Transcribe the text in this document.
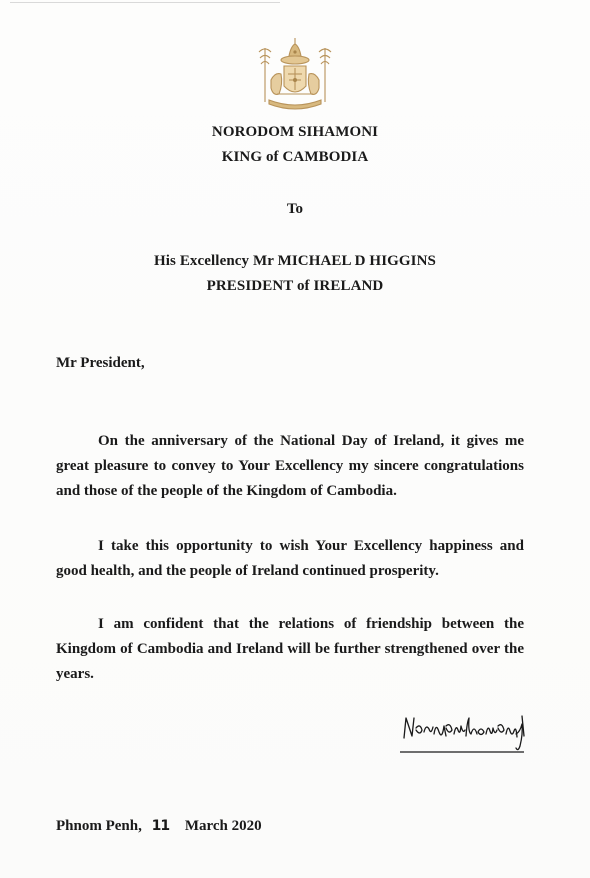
NORODOM SIHAMONI
KING of CAMBODIA
To
His Excellency Mr MICHAEL D HIGGINS
PRESIDENT of IRELAND
Mr President,
On the anniversary of the National Day of Ireland, it gives me great pleasure to convey to Your Excellency my sincere congratulations and those of the people of the Kingdom of Cambodia.
I take this opportunity to wish Your Excellency happiness and good health, and the people of Ireland continued prosperity.
I am confident that the relations of friendship between the Kingdom of Cambodia and Ireland will be further strengthened over the years.
Phnom Penh, 11 March 2020
